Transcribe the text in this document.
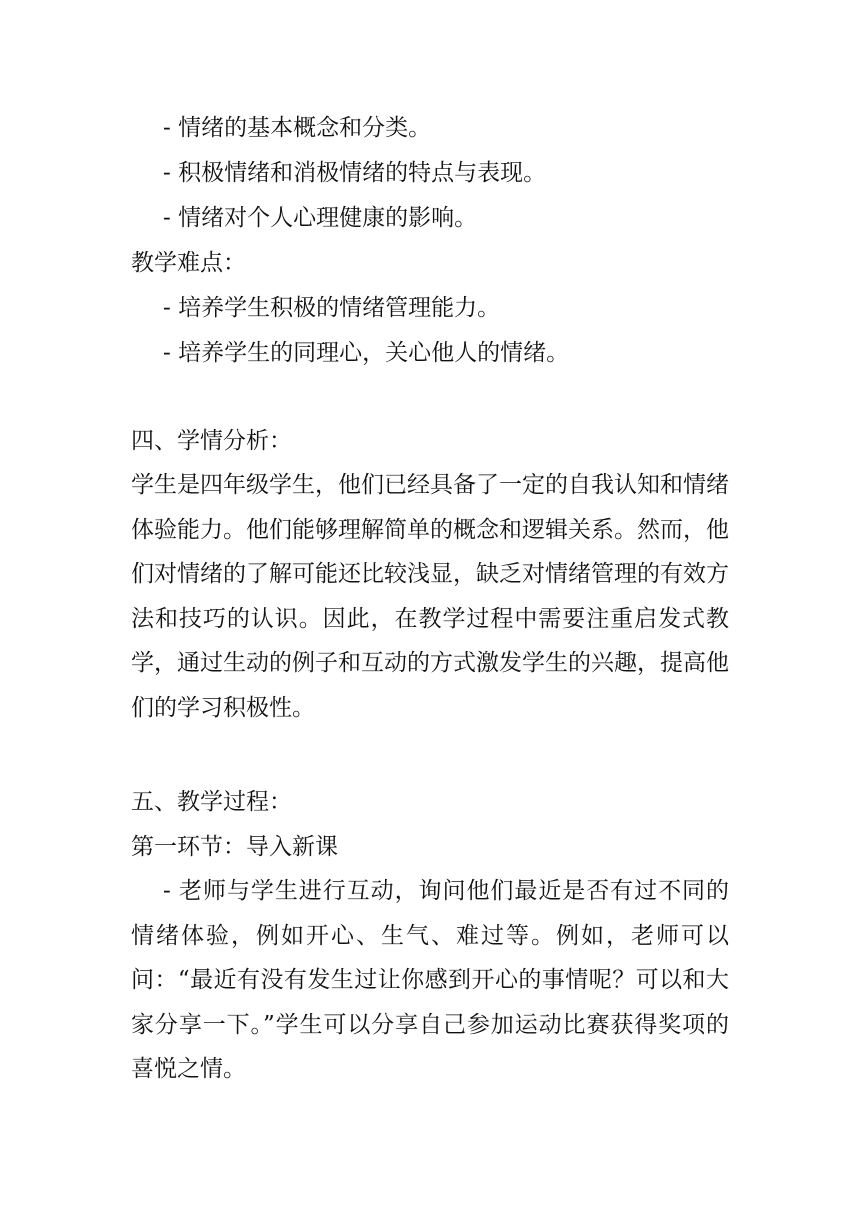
- 情绪的基本概念和分类。
- 积极情绪和消极情绪的特点与表现。
- 情绪对个人心理健康的影响。
教学难点：
- 培养学生积极的情绪管理能力。
- 培养学生的同理心，关心他人的情绪。
四、学情分析：
学生是四年级学生，他们已经具备了一定的自我认知和情绪体验能力。他们能够理解简单的概念和逻辑关系。然而，他们对情绪的了解可能还比较浅显，缺乏对情绪管理的有效方法和技巧的认识。因此，在教学过程中需要注重启发式教学，通过生动的例子和互动的方式激发学生的兴趣，提高他们的学习积极性。
五、教学过程：
第一环节：导入新课
- 老师与学生进行互动，询问他们最近是否有过不同的情绪体验，例如开心、生气、难过等。例如，老师可以问：“最近有没有发生过让你感到开心的事情呢？可以和大家分享一下。”学生可以分享自己参加运动比赛获得奖项的喜悦之情。
